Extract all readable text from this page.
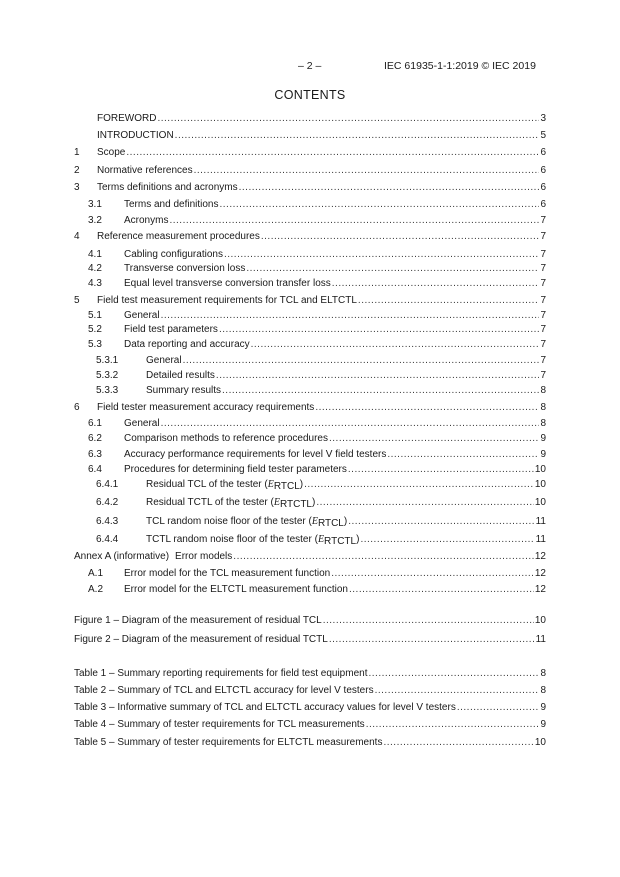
– 2 –	IEC 61935-1-1:2019 © IEC 2019
CONTENTS
FOREWORD .....	3
INTRODUCTION .....	5
1	Scope .....	6
2	Normative references .....	6
3	Terms definitions and acronyms .....	6
3.1	Terms and definitions .....	6
3.2	Acronyms .....	7
4	Reference measurement procedures .....	7
4.1	Cabling configurations .....	7
4.2	Transverse conversion loss .....	7
4.3	Equal level transverse conversion transfer loss .....	7
5	Field test measurement requirements for TCL and ELTCTL .....	7
5.1	General .....	7
5.2	Field test parameters .....	7
5.3	Data reporting and accuracy .....	7
5.3.1	General .....	7
5.3.2	Detailed results .....	7
5.3.3	Summary results .....	8
6	Field tester measurement accuracy requirements .....	8
6.1	General .....	8
6.2	Comparison methods to reference procedures .....	9
6.3	Accuracy performance requirements for level V field testers .....	9
6.4	Procedures for determining field tester parameters .....	10
6.4.1	Residual TCL of the tester (ERTCL) .....	10
6.4.2	Residual TCTL of the tester (ERTCTL) .....	10
6.4.3	TCL random noise floor of the tester (ERTCL) .....	11
6.4.4	TCTL random noise floor of the tester (ERTCTL) .....	11
Annex A (informative) Error models .....	12
A.1	Error model for the TCL measurement function .....	12
A.2	Error model for the ELTCTL measurement function .....	12
Figure 1 – Diagram of the measurement of residual TCL .....	10
Figure 2 – Diagram of the measurement of residual TCTL .....	11
Table 1 – Summary reporting requirements for field test equipment .....	8
Table 2 – Summary of TCL and ELTCTL accuracy for level V testers .....	8
Table 3 – Informative summary of TCL and ELTCTL accuracy values for level V testers .....	9
Table 4 – Summary of tester requirements for TCL measurements .....	9
Table 5 – Summary of tester requirements for ELTCTL measurements .....	10
